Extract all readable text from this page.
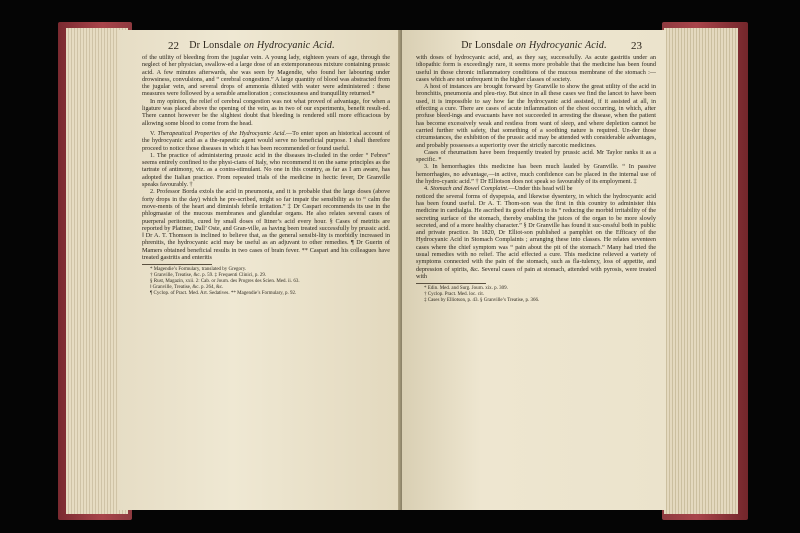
22	Dr Lonsdale on Hydrocyanic Acid.

of the utility of bleeding from the jugular vein. A young lady, eighteen years of age, through the neglect of her physician, swallow-ed a large dose of an extemporaneous mixture containing prussic acid. A few minutes afterwards, she was seen by Magendie, who found her labouring under drowsiness, convulsions, and “ cerebral congestion.” A large quantity of blood was abstracted from the jugular vein, and several drops of ammonia diluted with water were administered : these measures were followed by a sensible amelioration ; consciousness and tranquillity returned.*

In my opinion, the relief of cerebral congestion was not what proved of advantage, for when a ligature was placed above the opening of the vein, as in two of our experiments, benefit result-ed. There cannot however be the slightest doubt that bleeding is rendered still more efficacious by allowing some blood to come from the head.

V. Therapeutical Properties of the Hydrocyanic Acid.—To enter upon an historical account of the hydrocyanic acid as a the-rapeutic agent would serve no beneficial purpose. I shall therefore proceed to notice those diseases in which it has been recommended or found useful.

1. The practice of administering prussic acid in the diseases in-cluded in the order “ Febres” seems entirely confined to the physi-cians of Italy, who recommend it on the same principles as the tartrate of antimony, viz. as a contra-stimulant. No one in this country, as far as I am aware, has adopted the Italian practice. From repeated trials of the medicine in hectic fever, Dr Granville speaks favourably. †

2. Professor Borda extols the acid in pneumonia, and it is probable that the large doses (above forty drops in the day) which he pre-scribed, might so far impair the sensibility as to “ calm the move-ments of the heart and diminish febrile irritation.” ‡ Dr Caspari recommends its use in the phlogmasiæ of the mucous membranes and glandular organs. He also relates several cases of puerperal peritonitis, cured by small doses of Ittner’s acid every hour. § Cases of metritis are reported by Plattner, Dall’ Oste, and Gran-ville, as having been treated successfully by prussic acid. ‖ Dr A. T. Thomson is inclined to believe that, as the general sensibi-lity is morbidly increased in phrenitis, the hydrocyanic acid may be useful as an adjuvant to other remedies. ¶ Dr Guerin of Mamers obtained beneficial results in two cases of brain fever. ** Caspari and his colleagues have treated gastritis and enteritis

* Magendie’s Formulary, translated by Gregory.

† Granville, Treatise, &c. p. 59. ‡ Frequenti Clinici, p. 29.

§ Rust, Magazin, xxii. 2: Cab. or Journ. des Progres des Scien. Med. ii. 63.

‖ Granville, Treatise, &c. p. 264, &c.

¶ Cyclop. of Pract. Med. Art. Sedatives. ** Magendie’s Formulary, p. 92.

Dr Lonsdale on Hydrocyanic Acid.	23

with doses of hydrocyanic acid, and, as they say, successfully. As acute gastritis under an idiopathic form is exceedingly rare, it seems more probable that the medicine has been found useful in those chronic inflammatory conditions of the mucous membrane of the stomach :—cases which are not unfrequent in the higher classes of society.

A host of instances are brought forward by Granville to show the great utility of the acid in bronchitis, pneumonia and pleu-risy. But since in all these cases we find the lancet to have been used, it is impossible to say how far the hydrocyanic acid assisted, if it assisted at all, in effecting a cure. There are cases of acute inflammation of the chest occurring, in which, after profuse bleed-ings and evacuants have not succeeded in arresting the disease, when the patient has become excessively weak and restless from want of sleep, and where depletion cannot be carried further with safety, that something of a soothing nature is required. Un-der those circumstances, the exhibition of the prussic acid may be attended with considerable advantages, and probably possesses a superiority over the strictly narcotic medicines.

Cases of rheumatism have been frequently treated by prussic acid. Mr Taylor ranks it as a specific. *

3. In hemorrhagies this medicine has been much lauded by Granville. “ In passive hemorrhagies, no advantage,—in active, much confidence can be placed in the internal use of the hydro-cyanic acid.” † Dr Elliotson does not speak so favourably of its employment. ‡

4. Stomach and Bowel Complaint.—Under this head will be

noticed the several forms of dyspepsia, and likewise dysentery, in which the hydrocyanic acid has been found useful. Dr A. T. Thom-son was the first in this country to administer this medicine in cardialgia. He ascribed its good effects to its “ reducing the morbid irritability of the secreting surface of the stomach, thereby enabling the juices of the organ to be more slowly secreted, and of a more healthy character.” § Dr Granville has found it suc-cessful both in public and private practice. In 1820, Dr Elliot-son published a pamphlet on the Efficacy of the Hydrocyanic Acid in Stomach Complaints ; arranging these into classes. He relates seventeen cases where the chief symptom was “ pain about the pit of the stomach.” Many had tried the usual remedies with no relief. The acid effected a cure. This medicine relieved a variety of symptoms connected with the pain of the stomach, such as fla-tulency, loss of appetite, and depression of spirits, &c. Several cases of pain at stomach, attended with pyrosis, were treated with

* Edin. Med. and Surg. Journ. xix. p. 309.

† Cyclop. Pract. Med. loc. cit.

‡ Cases by Elliotson, p. 43. § Granville’s Treatise, p. 366.
